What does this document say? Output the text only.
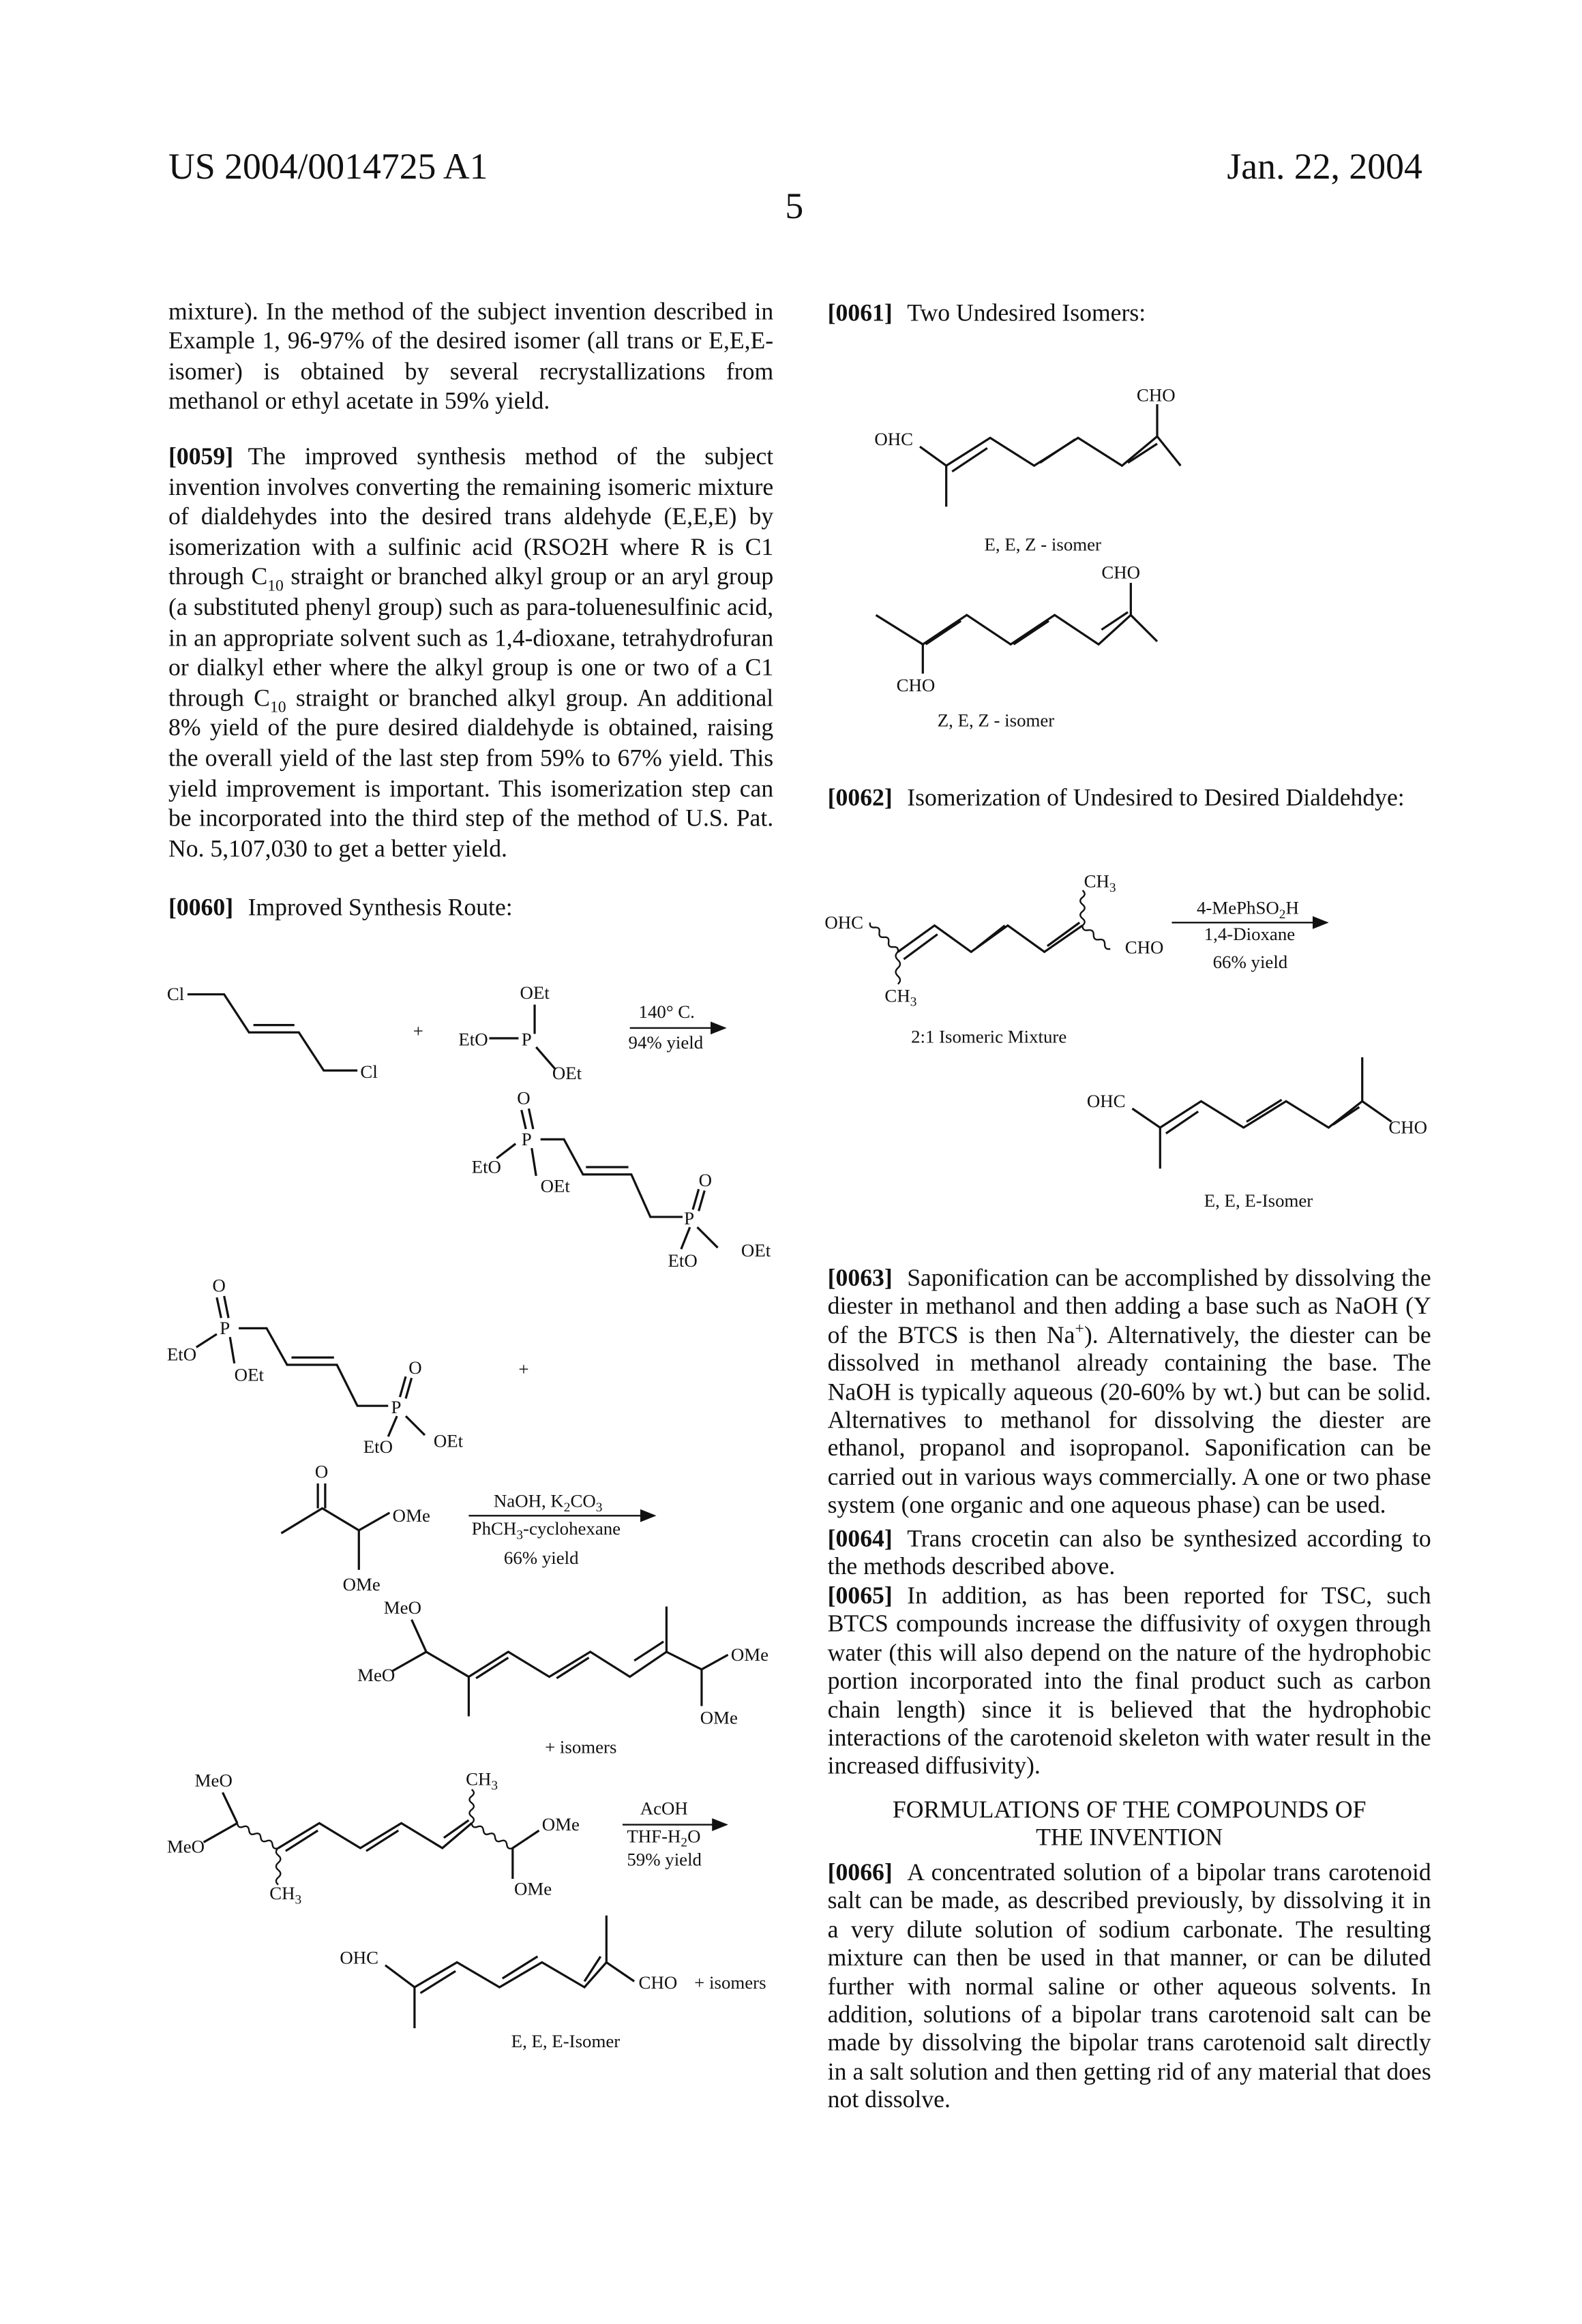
US 2004/0014725 A1	Jan. 22, 2004
5
mixture). In the method of the subject invention described in Example 1, 96-97% of the desired isomer (all trans or E,E,E-isomer) is obtained by several recrystallizations from methanol or ethyl acetate in 59% yield.
[0059] The improved synthesis method of the subject invention involves converting the remaining isomeric mixture of dialdehydes into the desired trans aldehyde (E,E,E) by isomerization with a sulfinic acid (RSO2H where R is C1 through C10 straight or branched alkyl group or an aryl group (a substituted phenyl group) such as para-toluenesulfinic acid, in an appropriate solvent such as 1,4-dioxane, tetrahydrofuran or dialkyl ether where the alkyl group is one or two of a C1 through C10 straight or branched alkyl group. An additional 8% yield of the pure desired dialdehyde is obtained, raising the overall yield of the last step from 59% to 67% yield. This yield improvement is important. This isomerization step can be incorporated into the third step of the method of U.S. Pat. No. 5,107,030 to get a better yield.
[0060] Improved Synthesis Route:
[0061] Two Undesired Isomers:
[0062] Isomerization of Undesired to Desired Dialdehdye:
[0063] Saponification can be accomplished by dissolving the diester in methanol and then adding a base such as NaOH (Y of the BTCS is then Na+). Alternatively, the diester can be dissolved in methanol already containing the base. The NaOH is typically aqueous (20-60% by wt.) but can be solid. Alternatives to methanol for dissolving the diester are ethanol, propanol and isopropanol. Saponification can be carried out in various ways commercially. A one or two phase system (one organic and one aqueous phase) can be used.
[0064] Trans crocetin can also be synthesized according to the methods described above.
[0065] In addition, as has been reported for TSC, such BTCS compounds increase the diffusivity of oxygen through water (this will also depend on the nature of the hydrophobic portion incorporated into the final product such as carbon chain length) since it is believed that the hydrophobic interactions of the carotenoid skeleton with water result in the increased diffusivity).
FORMULATIONS OF THE COMPOUNDS OF
THE INVENTION
[0066] A concentrated solution of a bipolar trans carotenoid salt can be made, as described previously, by dissolving it in a very dilute solution of sodium carbonate. The resulting mixture can then be used in that manner, or can be diluted further with normal saline or other aqueous solvents. In addition, solutions of a bipolar trans carotenoid salt can be made by dissolving the bipolar trans carotenoid salt directly in a salt solution and then getting rid of any material that does not dissolve.
Cl
Cl
+
OEt
EtO	P
OEt
140° C.
94% yield
O
P
EtO
OEt
P
O
EtO
OEt
O
P
EtO
OEt
P
O
EtO	OEt
+
O
OMe
OMe
NaOH, K2CO3
PhCH3-cyclohexane
66% yield
MeO
MeO
OMe
OMe
+ isomers
MeO
MeO
CH3
CH3
OMe
OMe
AcOH
THF-H2O
59% yield
OHC
CHO + isomers
E, E, E-Isomer
OHC
CHO
E, E, Z - isomer
CHO
CHO
Z, E, Z - isomer
OHC
CH3
CH3
CHO
2:1 Isomeric Mixture
4-MePhSO2H
1,4-Dioxane
66% yield
OHC
CHO
E, E, E-Isomer
